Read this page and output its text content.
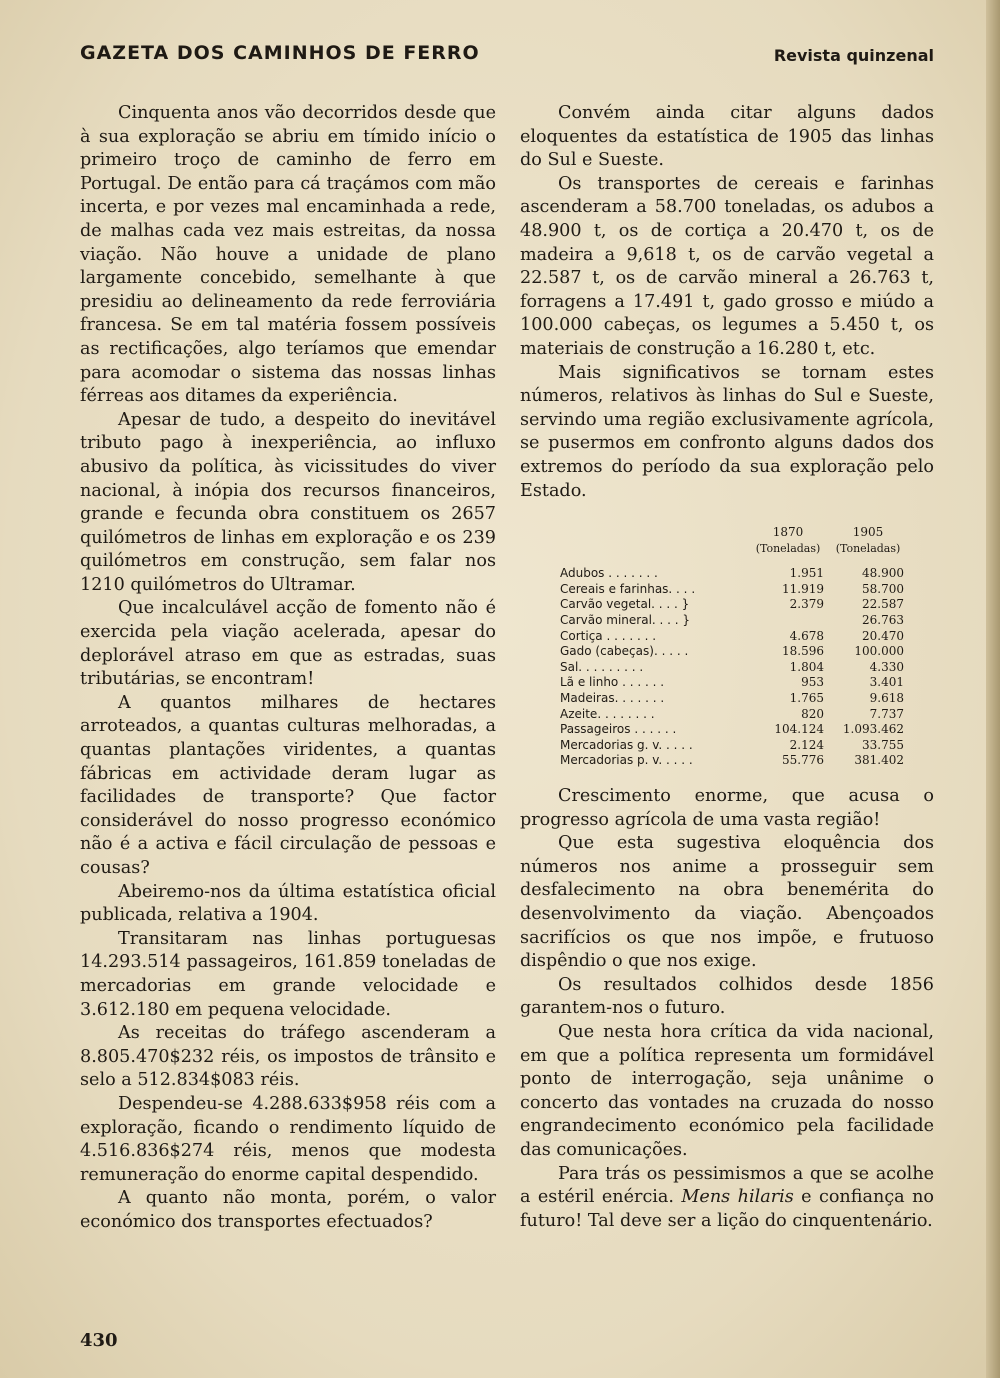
GAZETA DOS CAMINHOS DE FERRO	Revista quinzenal

Cinquenta anos vão decorridos desde que à sua exploração se abriu em tímido início o primeiro troço de caminho de ferro em Portugal. De então para cá traçámos com mão incerta, e por vezes mal encaminhada a rede, de malhas cada vez mais estreitas, da nossa viação. Não houve a unidade de plano largamente concebido, semelhante à que presidiu ao delineamento da rede ferroviária francesa. Se em tal matéria fossem possíveis as rectificações, algo teríamos que emendar para acomodar o sistema das nossas linhas férreas aos ditames da experiência.

Apesar de tudo, a despeito do inevitável tributo pago à inexperiência, ao influxo abusivo da política, às vicissitudes do viver nacional, à inópia dos recursos financeiros, grande e fecunda obra constituem os 2657 quilómetros de linhas em exploração e os 239 quilómetros em construção, sem falar nos 1210 quilómetros do Ultramar.

Que incalculável acção de fomento não é exercida pela viação acelerada, apesar do deplorável atraso em que as estradas, suas tributárias, se encontram!

A quantos milhares de hectares arroteados, a quantas culturas melhoradas, a quantas plantações viridentes, a quantas fábricas em actividade deram lugar as facilidades de transporte? Que factor considerável do nosso progresso económico não é a activa e fácil circulação de pessoas e cousas?

Abeiremo-nos da última estatística oficial publicada, relativa a 1904.

Transitaram nas linhas portuguesas 14.293.514 passageiros, 161.859 toneladas de mercadorias em grande velocidade e 3.612.180 em pequena velocidade.

As receitas do tráfego ascenderam a 8.805.470$232 réis, os impostos de trânsito e selo a 512.834$083 réis.

Despendeu-se 4.288.633$958 réis com a exploração, ficando o rendimento líquido de 4.516.836$274 réis, menos que modesta remuneração do enorme capital despendido.

A quanto não monta, porém, o valor económico dos transportes efectuados?

Convém ainda citar alguns dados eloquentes da estatística de 1905 das linhas do Sul e Sueste.

Os transportes de cereais e farinhas ascenderam a 58.700 toneladas, os adubos a 48.900 t, os de cortiça a 20.470 t, os de madeira a 9,618 t, os de carvão vegetal a 22.587 t, os de carvão mineral a 26.763 t, forragens a 17.491 t, gado grosso e miúdo a 100.000 cabeças, os legumes a 5.450 t, os materiais de construção a 16.280 t, etc.

Mais significativos se tornam estes números, relativos às linhas do Sul e Sueste, servindo uma região exclusivamente agrícola, se pusermos em confronto alguns dados dos extremos do período da sua exploração pelo Estado.

	1870	1905
	(Toneladas)	(Toneladas)
Adubos . . . . . . .	1.951	48.900
Cereais e farinhas. . . .	11.919	58.700
Carvão vegetal. . . . }	2.379	22.587
Carvão mineral. . . . }		26.763
Cortiça . . . . . . .	4.678	20.470
Gado (cabeças). . . . .	18.596	100.000
Sal. . . . . . . . .	1.804	4.330
Lã e linho . . . . . .	953	3.401
Madeiras. . . . . . .	1.765	9.618
Azeite. . . . . . . .	820	7.737
Passageiros . . . . . .	104.124	1.093.462
Mercadorias g. v. . . . .	2.124	33.755
Mercadorias p. v. . . . .	55.776	381.402

Crescimento enorme, que acusa o progresso agrícola de uma vasta região!

Que esta sugestiva eloquência dos números nos anime a prosseguir sem desfalecimento na obra benemérita do desenvolvimento da viação. Abençoados sacrifícios os que nos impõe, e frutuoso dispêndio o que nos exige.

Os resultados colhidos desde 1856 garantem-nos o futuro.

Que nesta hora crítica da vida nacional, em que a política representa um formidável ponto de interrogação, seja unânime o concerto das vontades na cruzada do nosso engrandecimento económico pela facilidade das comunicações.

Para trás os pessimismos a que se acolhe a estéril enércia. Mens hilaris e confiança no futuro! Tal deve ser a lição do cinquentenário.

430
